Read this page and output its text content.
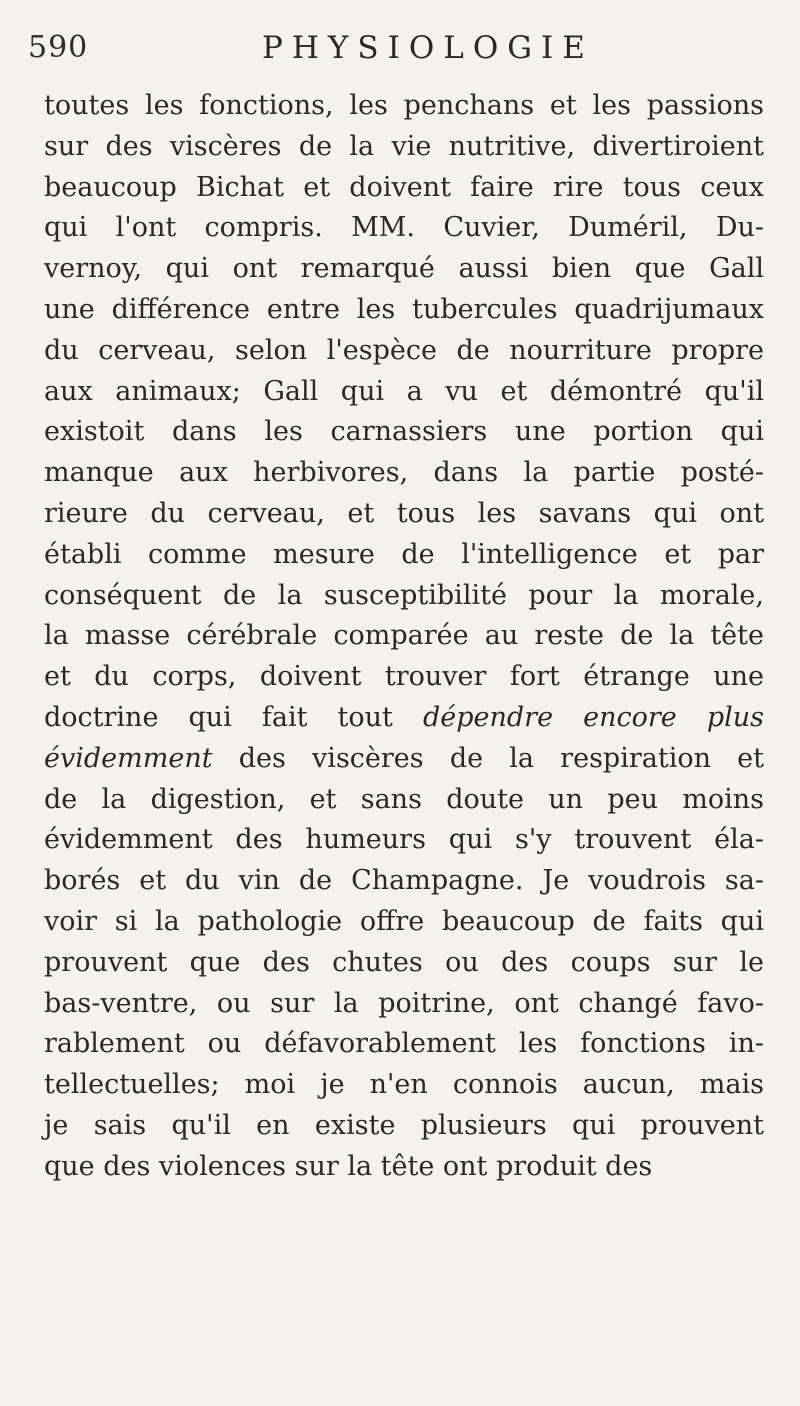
590	PHYSIOLOGIE
toutes les fonctions, les penchans et les passions
sur des viscères de la vie nutritive, divertiroient
beaucoup Bichat et doivent faire rire tous ceux
qui l'ont compris. MM. Cuvier, Duméril, Du-
vernoy, qui ont remarqué aussi bien que Gall
une différence entre les tubercules quadrijumaux
du cerveau, selon l'espèce de nourriture propre
aux animaux; Gall qui a vu et démontré qu'il
existoit dans les carnassiers une portion qui
manque aux herbivores, dans la partie posté-
rieure du cerveau, et tous les savans qui ont
établi comme mesure de l'intelligence et par
conséquent de la susceptibilité pour la morale,
la masse cérébrale comparée au reste de la tête
et du corps, doivent trouver fort étrange une
doctrine qui fait tout dépendre encore plus
évidemment des viscères de la respiration et
de la digestion, et sans doute un peu moins
évidemment des humeurs qui s'y trouvent éla-
borés et du vin de Champagne. Je voudrois sa-
voir si la pathologie offre beaucoup de faits qui
prouvent que des chutes ou des coups sur le
bas-ventre, ou sur la poitrine, ont changé favo-
rablement ou défavorablement les fonctions in-
tellectuelles; moi je n'en connois aucun, mais
je sais qu'il en existe plusieurs qui prouvent
que des violences sur la tête ont produit des
